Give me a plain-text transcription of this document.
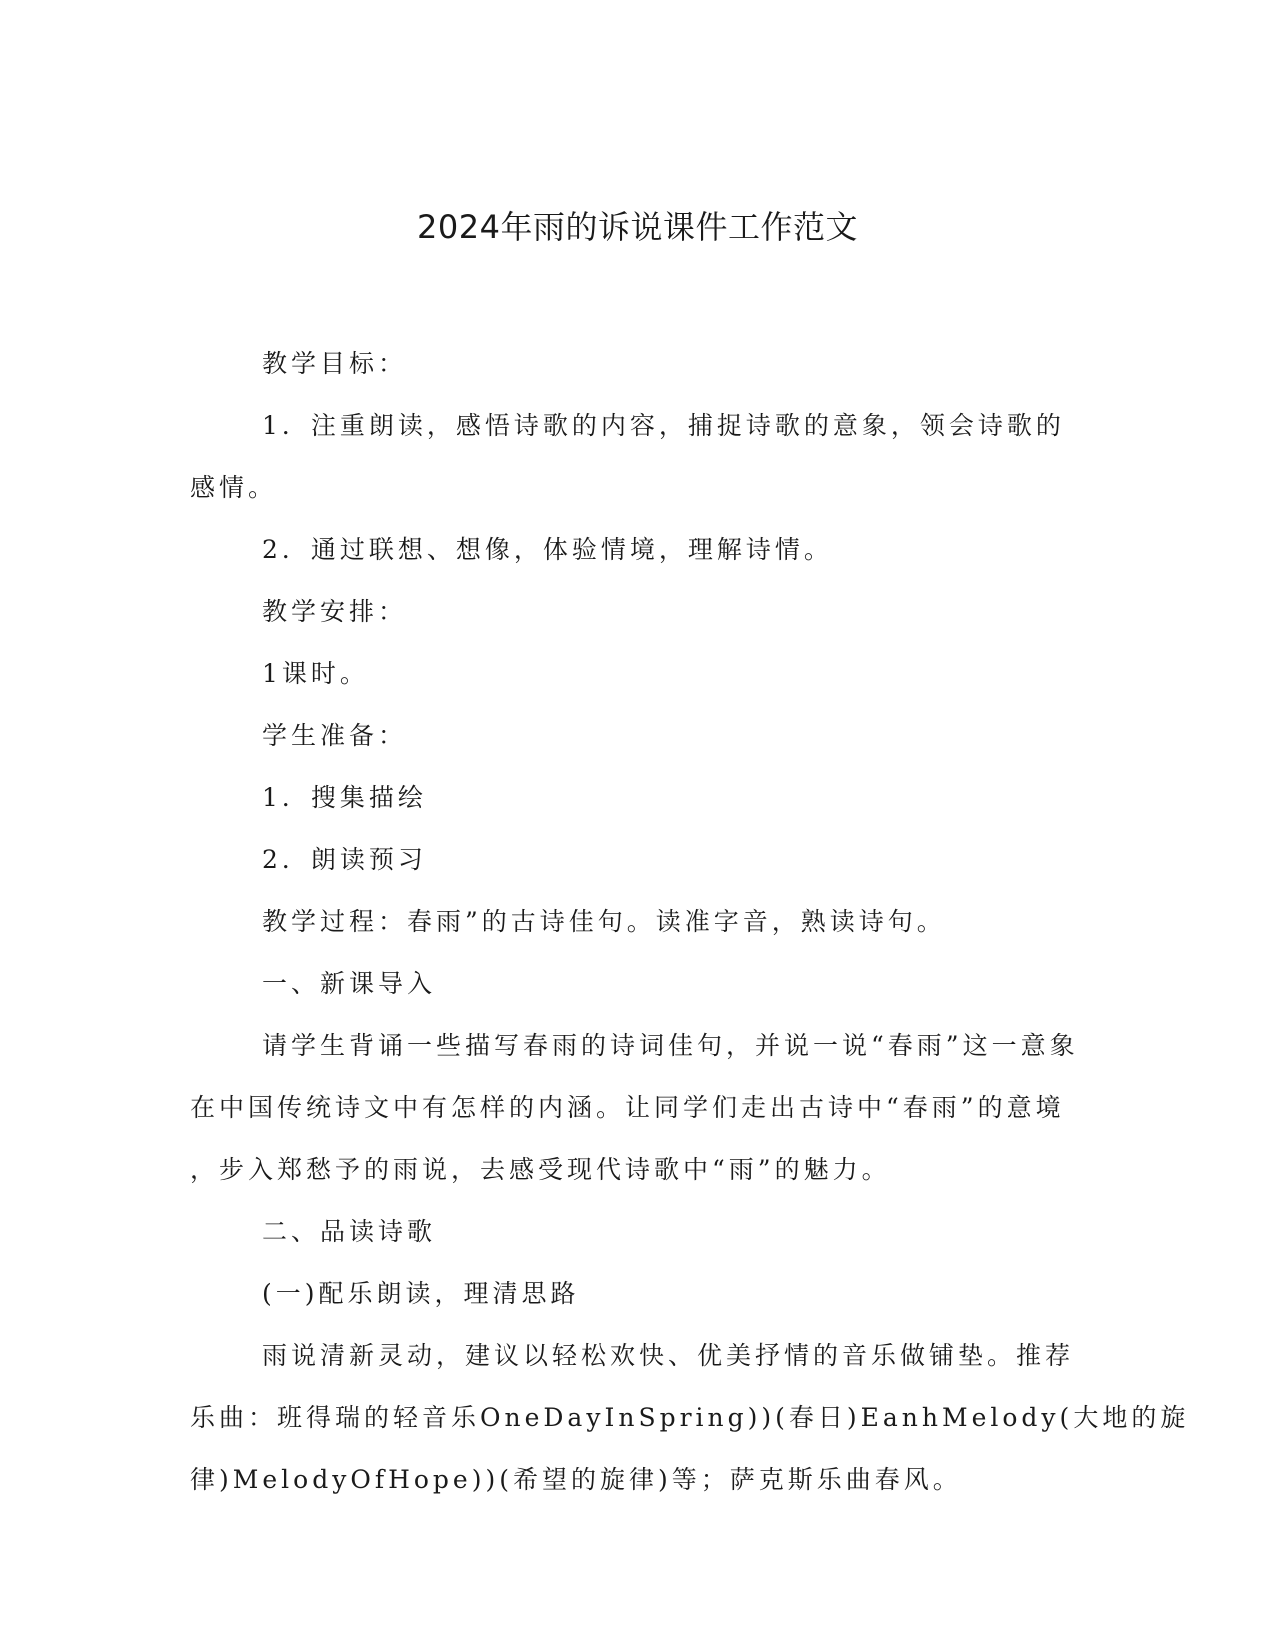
2024年雨的诉说课件工作范文

教学目标：

1．注重朗读，感悟诗歌的内容，捕捉诗歌的意象，领会诗歌的

感情。

2．通过联想、想像，体验情境，理解诗情。

教学安排：

1课时。

学生准备：

1．搜集描绘

2．朗读预习

教学过程：春雨”的古诗佳句。读准字音，熟读诗句。

一、新课导入

请学生背诵一些描写春雨的诗词佳句，并说一说“春雨”这一意象

在中国传统诗文中有怎样的内涵。让同学们走出古诗中“春雨”的意境

，步入郑愁予的雨说，去感受现代诗歌中“雨”的魅力。

二、品读诗歌

(一)配乐朗读，理清思路

雨说清新灵动，建议以轻松欢快、优美抒情的音乐做铺垫。推荐

乐曲：班得瑞的轻音乐OneDayInSpring))(春日)EanhMelody(大地的旋

律)MelodyOfHope))(希望的旋律)等；萨克斯乐曲春风。
